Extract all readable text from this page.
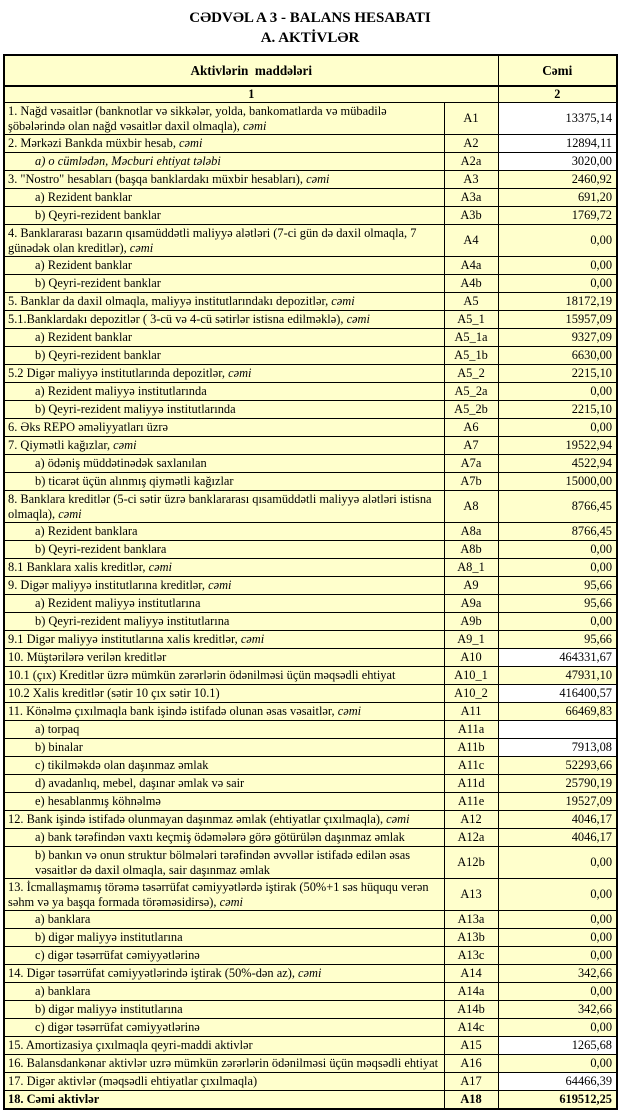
CƏDVƏL A 3 - BALANS HESABATI
A. AKTİVLƏR
Aktivlərin  maddələri		Cəmi
1		2
1. Nağd vəsaitlər (banknotlar və sikkələr, yolda, bankomatlarda və mübadilə şöbələrində olan nağd vəsaitlər daxil olmaqla), cəmi	A1	13375,14
2. Mərkəzi Bankda müxbir hesab, cəmi	A2	12894,11
a) o cümlədən, Məcburi ehtiyat tələbi	A2a	3020,00
3. "Nostro" hesabları (başqa banklardakı müxbir hesabları), cəmi	A3	2460,92
a) Rezident banklar	A3a	691,20
b) Qeyri-rezident banklar	A3b	1769,72
4. Banklararası bazarın qısamüddətli maliyyə alətləri (7-ci gün də daxil olmaqla, 7 günədək olan kreditlər), cəmi	A4	0,00
a) Rezident banklar	A4a	0,00
b) Qeyri-rezident banklar	A4b	0,00
5. Banklar da daxil olmaqla, maliyyə institutlarındakı depozitlər, cəmi	A5	18172,19
5.1.Banklardakı depozitlər ( 3-cü və 4-cü sətirlər istisna edilməklə), cəmi	A5_1	15957,09
a) Rezident banklar	A5_1a	9327,09
b) Qeyri-rezident banklar	A5_1b	6630,00
5.2 Digər maliyyə institutlarında depozitlər, cəmi	A5_2	2215,10
a) Rezident maliyyə institutlarında	A5_2a	0,00
b) Qeyri-rezident maliyyə institutlarında	A5_2b	2215,10
6. Əks REPO əməliyyatları üzrə	A6	0,00
7. Qiymətli kağızlar, cəmi	A7	19522,94
a) ödəniş müddətinədək saxlanılan	A7a	4522,94
b) ticarət üçün alınmış qiymətli kağızlar	A7b	15000,00
8. Banklara kreditlər (5-ci sətir üzrə banklararası qısamüddətli maliyyə alətləri istisna olmaqla), cəmi	A8	8766,45
a) Rezident banklara	A8a	8766,45
b) Qeyri-rezident banklara	A8b	0,00
8.1 Banklara xalis kreditlər, cəmi	A8_1	0,00
9. Digər maliyyə institutlarına kreditlər, cəmi	A9	95,66
a) Rezident maliyyə institutlarına	A9a	95,66
b) Qeyri-rezident maliyyə institutlarına	A9b	0,00
9.1 Digər maliyyə institutlarına xalis kreditlər, cəmi	A9_1	95,66
10. Müştərilərə verilən kreditlər	A10	464331,67
10.1 (çıx) Kreditlər üzrə mümkün zərərlərin ödənilməsi üçün məqsədli ehtiyat	A10_1	47931,10
10.2 Xalis kreditlər (sətir 10 çıx sətir 10.1)	A10_2	416400,57
11. Könəlmə çıxılmaqla bank işində istifadə olunan əsas vəsaitlər, cəmi	A11	66469,83
a) torpaq	A11a	
b) binalar	A11b	7913,08
c) tikilməkdə olan daşınmaz əmlak	A11c	52293,66
d) avadanlıq, mebel, daşınar əmlak və sair	A11d	25790,19
e) hesablanmış köhnəlmə	A11e	19527,09
12. Bank işində istifadə olunmayan daşınmaz əmlak (ehtiyatlar çıxılmaqla), cəmi	A12	4046,17
a) bank tərəfindən vaxtı keçmiş ödəmələrə görə götürülən daşınmaz əmlak	A12a	4046,17
b) bankın və onun struktur bölmələri tərəfindən əvvəllər istifadə edilən əsas vəsaitlər də daxil olmaqla, sair daşınmaz əmlak	A12b	0,00
13. İcmallaşmamış törəmə təsərrüfat cəmiyyətlərdə iştirak (50%+1 səs hüququ verən səhm və ya başqa formada törəməsidirsə), cəmi	A13	0,00
a) banklara	A13a	0,00
b) digər maliyyə institutlarına	A13b	0,00
c) digər təsərrüfat cəmiyyətlərinə	A13c	0,00
14. Digər təsərrüfat cəmiyyətlərində iştirak (50%-dən az), cəmi	A14	342,66
a) banklara	A14a	0,00
b) digər maliyyə institutlarına	A14b	342,66
c) digər təsərrüfat cəmiyyətlərinə	A14c	0,00
15. Amortizasiya çıxılmaqla qeyri-maddi aktivlər	A15	1265,68
16. Balansdankənar aktivlər uzrə mümkün zərərlərin ödənilməsi üçün məqsədli ehtiyat	A16	0,00
17. Digər aktivlər (məqsədli ehtiyatlar çıxılmaqla)	A17	64466,39
18. Cəmi aktivlər	A18	619512,25
